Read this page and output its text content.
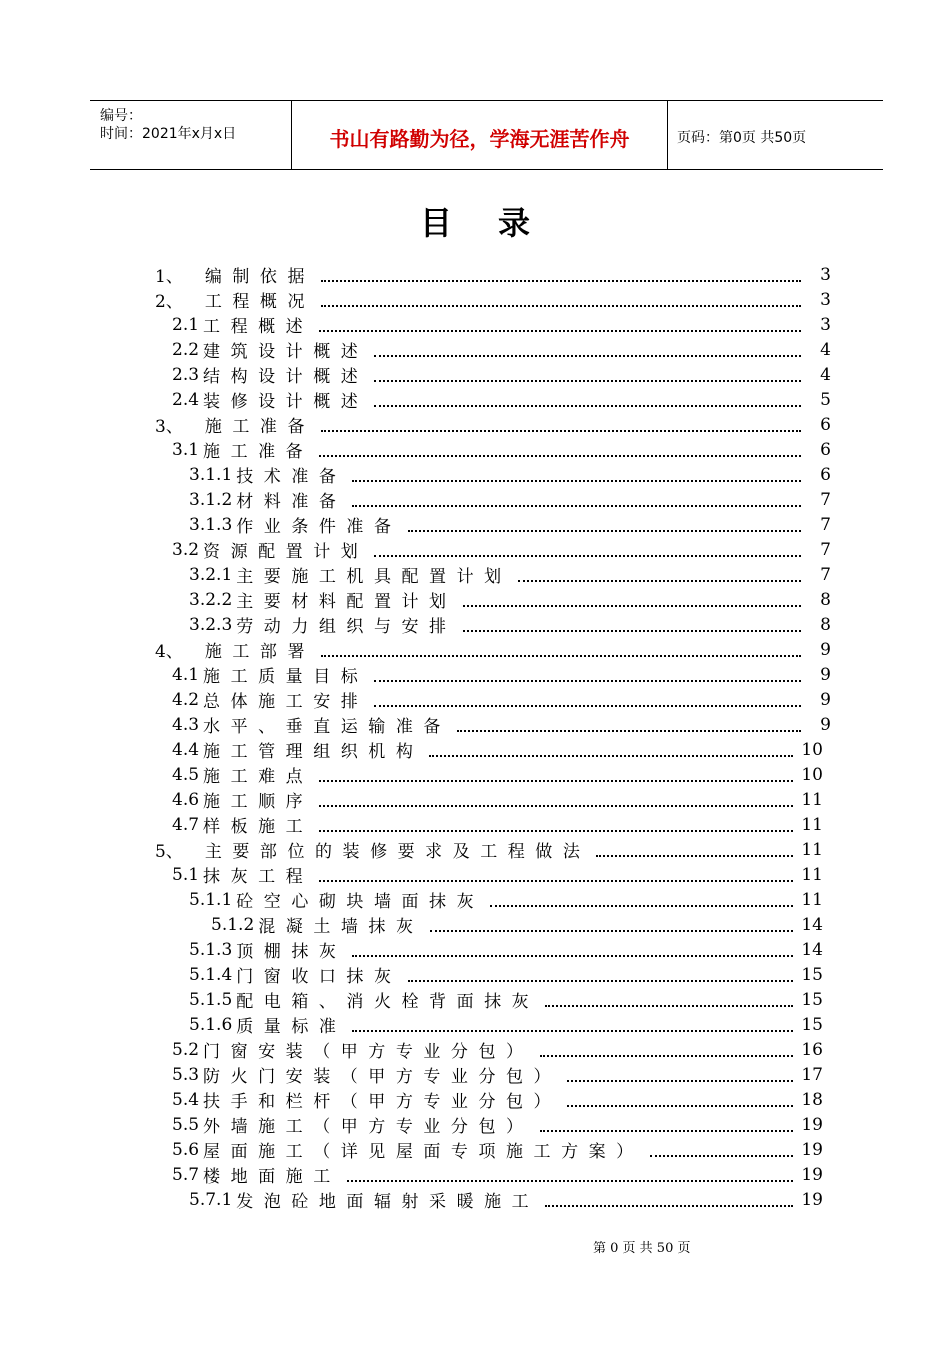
编号：
时间：2021年x月x日	书山有路勤为径，学海无涯苦作舟	页码：第0页 共50页
目录
1、 编制依据	3
2、 工程概况	3
2.1 工程概述	3
2.2 建筑设计概述	4
2.3 结构设计概述	4
2.4 装修设计概述	5
3、 施工准备	6
3.1 施工准备	6
3.1.1 技术准备	6
3.1.2 材料准备	7
3.1.3 作业条件准备	7
3.2 资源配置计划	7
3.2.1 主要施工机具配置计划	7
3.2.2 主要材料配置计划	8
3.2.3 劳动力组织与安排	8
4、 施工部署	9
4.1 施工质量目标	9
4.2 总体施工安排	9
4.3 水平、垂直运输准备	9
4.4 施工管理组织机构	10
4.5 施工难点	10
4.6 施工顺序	11
4.7 样板施工	11
5、 主要部位的装修要求及工程做法	11
5.1 抹灰工程	11
5.1.1 砼空心砌块墙面抹灰	11
5.1.2 混凝土墙抹灰	14
5.1.3 顶棚抹灰	14
5.1.4 门窗收口抹灰	15
5.1.5 配电箱、消火栓背面抹灰	15
5.1.6 质量标准	15
5.2 门窗安装（甲方专业分包）	16
5.3 防火门安装（甲方专业分包）	17
5.4 扶手和栏杆（甲方专业分包）	18
5.5 外墙施工（甲方专业分包）	19
5.6 屋面施工（详见屋面专项施工方案）	19
5.7 楼地面施工	19
5.7.1 发泡砼地面辐射采暖施工	19
第 0 页 共 50 页
